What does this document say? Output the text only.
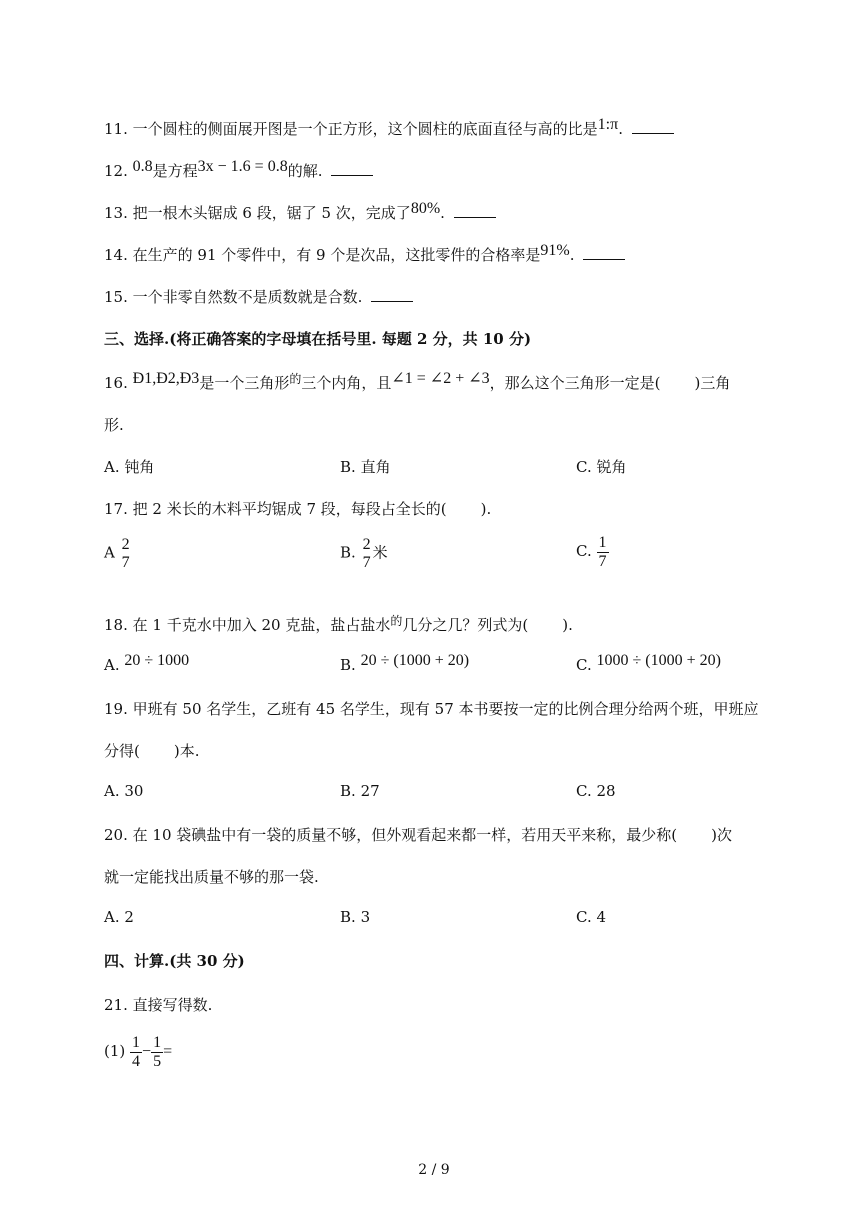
11. 一个圆柱的侧面展开图是一个正方形，这个圆柱的底面直径与高的比是1:π.
12. 0.8是方程3x − 1.6 = 0.8的解.
13. 把一根木头锯成 6 段，锯了 5 次，完成了80%.
14. 在生产的 91 个零件中，有 9 个是次品，这批零件的合格率是91%.
15. 一个非零自然数不是质数就是合数.
三、选择.(将正确答案的字母填在括号里. 每题 2 分，共 10 分)
16. Ð1,Ð2,Ð3是一个三角形$^的$三个内角，且∠1 = ∠2 + ∠3，那么这个三角形一定是( )三角
形.
A. 钝角	B. 直角	C. 锐角
17. 把 2 米长的木料平均锯成 7 段，每段占全长的( ).
A 2
7
B. 2
7
米	C. $\frac{1}{7}$
18. 在 1 千克水中加入 20 克盐，盐占盐水$^的$几分之几？列式为( ).
A. 20 ÷ 1000	B. 20 ÷ (1000 + 20)	C. 1000 ÷ (1000 + 20)
19. 甲班有 50 名学生，乙班有 45 名学生，现有 57 本书要按一定的比例合理分给两个班，甲班应
分得( )本.
A. 30	B. 27	C. 28
20. 在 10 袋碘盐中有一袋的质量不够，但外观看起来都一样，若用天平来称，最少称( )次
就一定能找出质量不够的那一袋.
A. 2	B. 3	C. 4
四、计算.(共 30 分)
21. 直接写得数.
$(1) \frac{1}{4} - \frac{1}{5}$ =
2 / 9
